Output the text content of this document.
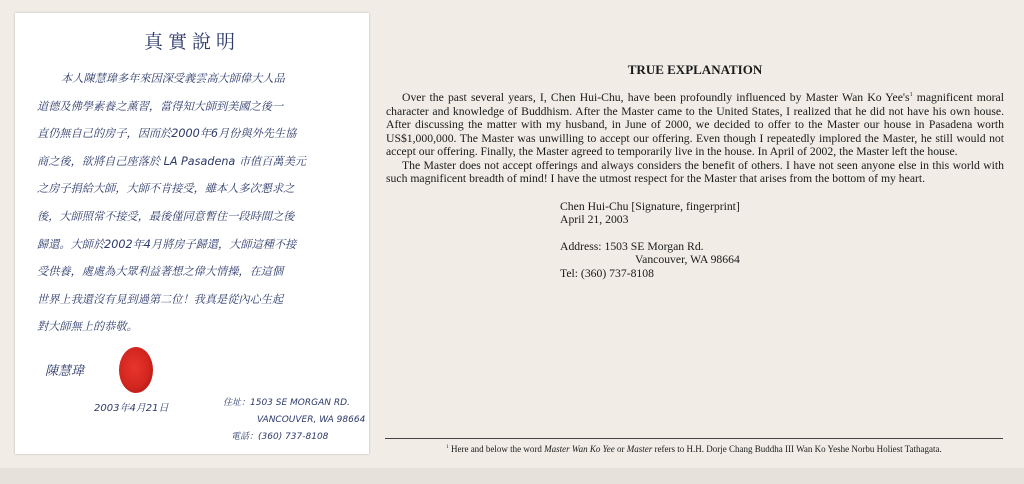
真實說明
本人陳慧瑋多年來因深受義雲高大師偉大人品
道德及佛學素養之薰習，當得知大師到美國之後一
直仍無自己的房子，因而於2000年6月份與外先生協
商之後，欲將自己座落於 LA Pasadena 市值百萬美元
之房子捐給大師，大師不肯接受，雖本人多次懇求之
後，大師照常不接受，最後僅同意暫住一段時間之後
歸還。大師於2002年4月將房子歸還，大師這種不接
受供養，處處為大眾利益著想之偉大情操，在這個
世界上我還沒有見到過第二位！我真是從內心生起
對大師無上的恭敬。
陳慧瑋
2003年4月21日	住址：1503 SE MORGAN RD.
VANCOUVER, WA 98664
電話：(360) 737-8108
TRUE EXPLANATION

Over the past several years, I, Chen Hui-Chu, have been profoundly influenced by Master Wan Ko $Yee's^1$ magnificent moral character and knowledge of Buddhism. After the Master came to the United States, I realized that he did not have his own house. After discussing the matter with my husband, in June of 2000, we decided to offer to the Master our house in Pasadena worth US$1,000,000. The Master was unwilling to accept our offering. Even though I repeatedly implored the Master, he still would not accept our offering. Finally, the Master agreed to temporarily live in the house. In April of 2002, the Master left the house.

The Master does not accept offerings and always considers the benefit of others. I have not seen anyone else in this world with such magnificent breadth of mind! I have the utmost respect for the Master that arises from the bottom of my heart.

Chen Hui-Chu [Signature, fingerprint]
April 21, 2003
Address: 1503 SE Morgan Rd.
Vancouver, WA 98664
Tel: (360) 737-8108
$^1$ Here and below the word Master Wan Ko Yee or Master refers to H.H. Dorje Chang Buddha III Wan Ko Yeshe Norbu Holiest Tathagata.
